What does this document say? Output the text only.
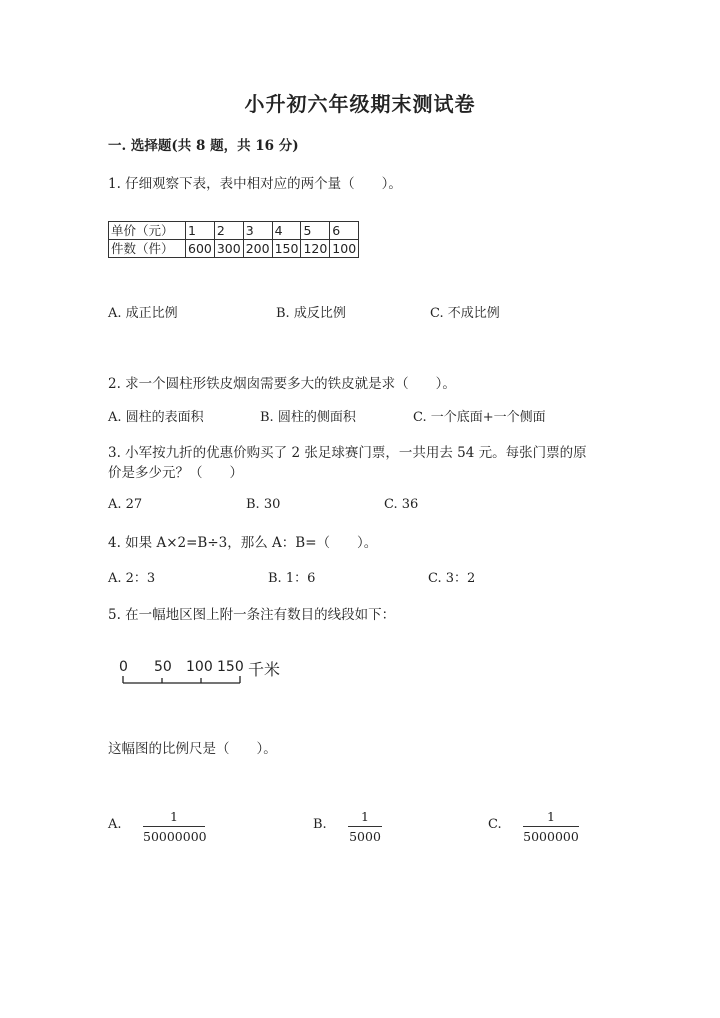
小升初六年级期末测试卷
一. 选择题(共 8 题，共 16 分)
1. 仔细观察下表，表中相对应的两个量（　　）。
单价（元）	1	2	3	4	5	6
件数（件）	600	300	200	150	120	100
A. 成正比例	B. 成反比例	C. 不成比例
2. 求一个圆柱形铁皮烟囱需要多大的铁皮就是求（　　）。
A. 圆柱的表面积	B. 圆柱的侧面积	C. 一个底面+一个侧面
3. 小军按九折的优惠价购买了 2 张足球赛门票，一共用去 54 元。每张门票的原
价是多少元？（　　）
A. 27	B. 30	C. 36
4. 如果 A×2=B÷3，那么 A：B=（　　）。
A. 2：3	B. 1：6	C. 3：2
5. 在一幅地区图上附一条注有数目的线段如下：
0 50 100 150 千米
这幅图的比例尺是（　　）。
A. $\frac{1}{50000000}$	B. $\frac{1}{5000}$	C. $\frac{1}{5000000}$
